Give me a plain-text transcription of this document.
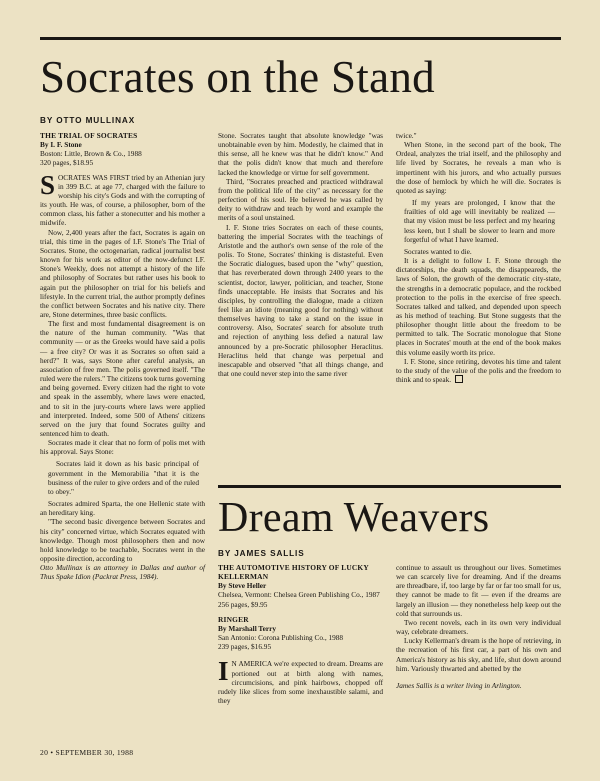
Socrates on the Stand
BY OTTO MULLINAX
THE TRIAL OF SOCRATES
By I. F. Stone
Boston: Little, Brown & Co., 1988
320 pages, $18.95

SOCRATES WAS FIRST tried by an Athenian jury in 399 B.C. at age 77, charged with the failure to worship his city's Gods and with the corrupting of its youth. He was, of course, a philosopher, born of the common class, his father a stonecutter and his mother a midwife.

Now, 2,400 years after the fact, Socrates is again on trial, this time in the pages of I.F. Stone's The Trial of Socrates. Stone, the octogenarian, radical journalist best known for his work as editor of the now-defunct I.F. Stone's Weekly, does not attempt a history of the life and philosophy of Socrates but rather uses his book to again put the philosopher on trial for his beliefs and lifestyle. In the current trial, the author promptly defines the conflict between Socrates and his native city. There are, Stone determines, three basic conflicts.

The first and most fundamental disagreement is on the nature of the human community. "Was that community — or as the Greeks would have said a polis — a free city? Or was it as Socrates so often said a herd?" It was, says Stone after careful analysis, an association of free men. The polis governed itself. "The ruled were the rulers." The citizens took turns governing and being governed. Every citizen had the right to vote and speak in the assembly, where laws were enacted, and to sit in the jury-courts where laws were applied and interpreted. Indeed, some 500 of Athens' citizens served on the jury that found Socrates guilty and sentenced him to death.

Socrates made it clear that no form of polis met with his approval. Says Stone:

Socrates laid it down as his basic principal of government in the Memorabilia "that it is the business of the ruler to give orders and of the ruled to obey."

Socrates admired Sparta, the one Hellenic state with an hereditary king.

"The second basic divergence between Socrates and his city" concerned virtue, which Socrates equated with knowledge. Though most philosophers then and now hold knowledge to be teachable, Socrates went in the opposite direction, according to

Otto Mullinax is an attorney in Dallas and author of Thus Spake Idion (Packrat Press, 1984).

Stone. Socrates taught that absolute knowledge "was unobtainable even by him. Modestly, he claimed that in this sense, all he knew was that he didn't know." And that the polis didn't know that much and therefore lacked the knowledge or virtue for self government.

Third, "Socrates preached and practiced withdrawal from the political life of the city" as necessary for the perfection of his soul. He believed he was called by deity to withdraw and teach by word and example the merits of a soul unstained.

I. F. Stone tries Socrates on each of these counts, battering the imperial Socrates with the teachings of Aristotle and the author's own sense of the role of the polis. To Stone, Socrates' thinking is distasteful. Even the Socratic dialogues, based upon the "why" question, that has reverberated down through 2400 years to the scientist, doctor, lawyer, politician, and teacher, Stone finds unacceptable. He insists that Socrates and his disciples, by controlling the dialogue, made a citizen feel like an idiote (meaning good for nothing) without themselves having to take a stand on the issue in controversy. Also, Socrates' search for absolute truth and rejection of anything less defied a natural law announced by a pre-Socratic philosopher Heraclitus. Heraclitus held that change was perpetual and inescapable and observed "that all things change, and that one could never step into the same river

twice."

When Stone, in the second part of the book, The Ordeal, analyzes the trial itself, and the philosophy and life lived by Socrates, he reveals a man who is impertinent with his jurors, and who actually pursues the dose of hemlock by which he will die. Socrates is quoted as saying:

If my years are prolonged, I know that the frailties of old age will inevitably be realized — that my vision must be less perfect and my hearing less keen, but I shall be slower to learn and more forgetful of what I have learned.

Socrates wanted to die.

It is a delight to follow I. F. Stone through the dictatorships, the death squads, the disappeareds, the laws of Solon, the growth of the democratic city-state, the strengths in a democratic populace, and the rockbed protection to the polis in the exercise of free speech. Socrates talked and talked, and depended upon speech as his method of teaching. But Stone suggests that the philosopher thought little about the freedom to be permitted to talk. The Socratic monologue that Stone places in Socrates' mouth at the end of the book makes this volume easily worth its price.

I. F. Stone, since retiring, devotes his time and talent to the study of the value of the polis and the freedom to think and to speak.

Dream Weavers
BY JAMES SALLIS
THE AUTOMOTIVE HISTORY OF LUCKY KELLERMAN
By Steve Heller
Chelsea, Vermont: Chelsea Green Publishing Co., 1987
256 pages, $9.95
RINGER
By Marshall Terry
San Antonio: Corona Publishing Co., 1988
239 pages, $16.95

I N AMERICA we're expected to dream. Dreams are portioned out at birth along with names, circumcisions, and pink hairbows, chopped off rudely like slices from some inexhaustible salami, and they

continue to assault us throughout our lives. Sometimes we can scarcely live for dreaming. And if the dreams are threadbare, if, too large by far or far too small for us, they cannot be made to fit — even if the dreams are largely an illusion — they nonetheless help keep out the cold that surrounds us.

Two recent novels, each in its own very individual way, celebrate dreamers.

Lucky Kellerman's dream is the hope of retrieving, in the recreation of his first car, a part of his own and America's history as his sky, and life, shut down around him. Variously thwarted and abetted by the

James Sallis is a writer living in Arlington.

20 • SEPTEMBER 30, 1988
